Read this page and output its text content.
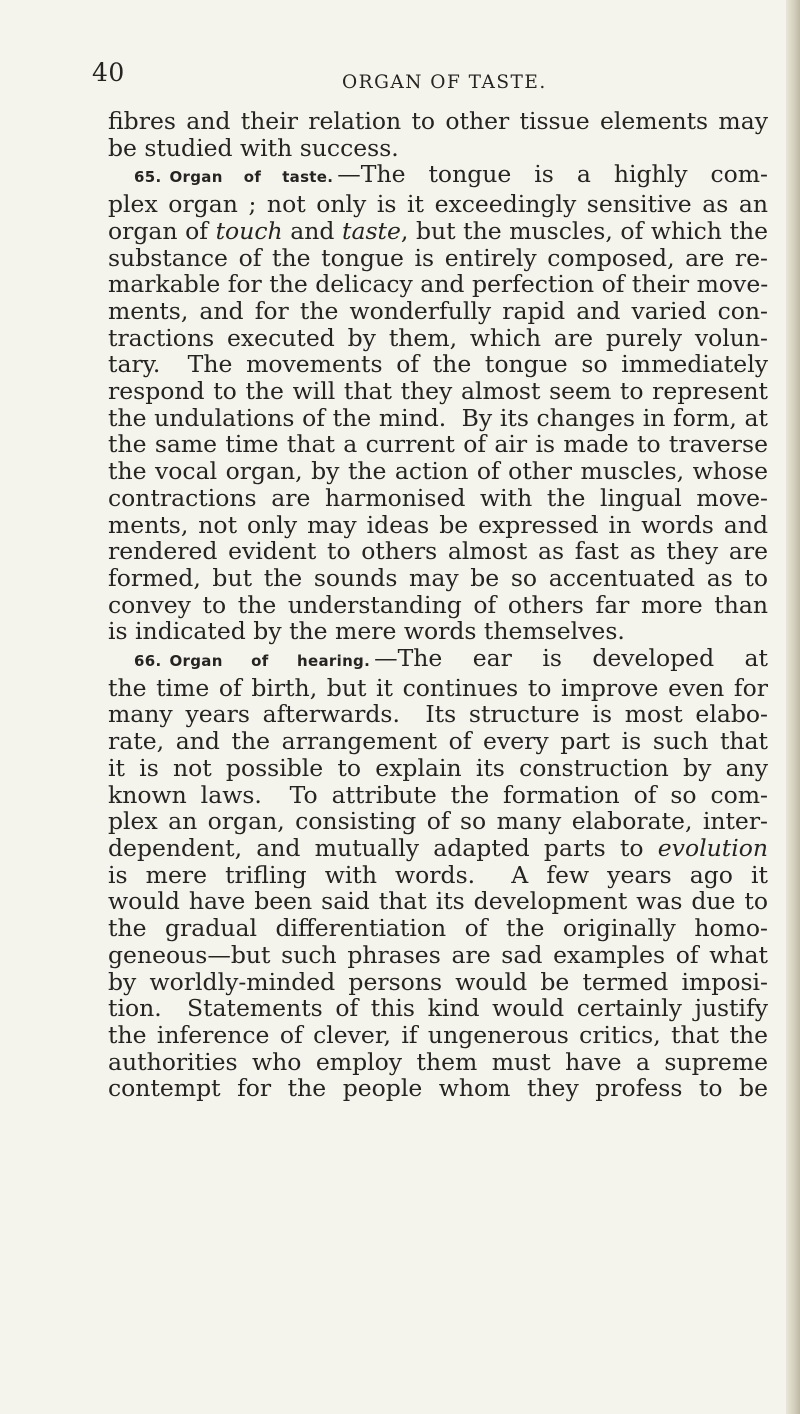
40	ORGAN OF TASTE.
fibres and their relation to other tissue elements may
be studied with success.
65. Organ of taste. —The tongue is a highly com-
plex organ ; not only is it exceedingly sensitive as an
organ of touch and taste, but the muscles, of which the
substance of the tongue is entirely composed, are re-
markable for the delicacy and perfection of their move-
ments, and for the wonderfully rapid and varied con-
tractions executed by them, which are purely volun-
tary.  The movements of the tongue so immediately
respond to the will that they almost seem to represent
the undulations of the mind.  By its changes in form, at
the same time that a current of air is made to traverse
the vocal organ, by the action of other muscles, whose
contractions are harmonised with the lingual move-
ments, not only may ideas be expressed in words and
rendered evident to others almost as fast as they are
formed, but the sounds may be so accentuated as to
convey to the understanding of others far more than
is indicated by the mere words themselves.
66. Organ of hearing. —The ear is developed at
the time of birth, but it continues to improve even for
many years afterwards.  Its structure is most elabo-
rate, and the arrangement of every part is such that
it is not possible to explain its construction by any
known laws.  To attribute the formation of so com-
plex an organ, consisting of so many elaborate, inter-
dependent, and mutually adapted parts to evolution
is mere trifling with words.  A few years ago it
would have been said that its development was due to
the gradual differentiation of the originally homo-
geneous—but such phrases are sad examples of what
by worldly-minded persons would be termed imposi-
tion.  Statements of this kind would certainly justify
the inference of clever, if ungenerous critics, that the
authorities who employ them must have a supreme
contempt for the people whom they profess to be
